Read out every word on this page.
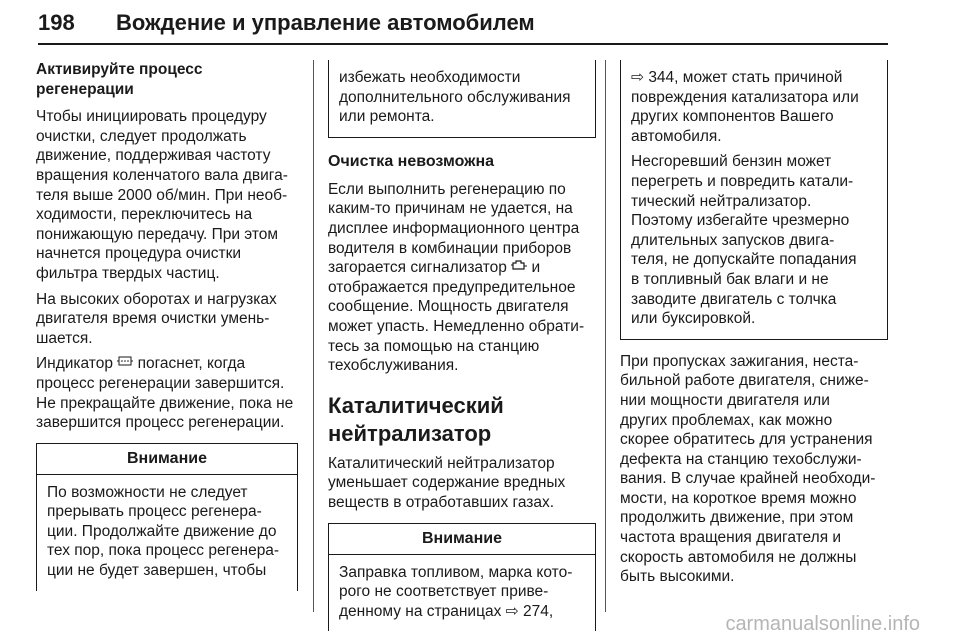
198 Вождение и управление автомобилем
Активируйте процесс
регенерации
Чтобы инициировать процедуру
очистки, следует продолжать
движение, поддерживая частоту
вращения коленчатого вала двига-
теля выше 2000 об/мин. При необ-
ходимости, переключитесь на
понижающую передачу. При этом
начнется процедура очистки
фильтра твердых частиц.
На высоких оборотах и нагрузках
двигателя время очистки умень-
шается.
Индикатор погаснет, когда
процесс регенерации завершится.
Не прекращайте движение, пока не
завершится процесс регенерации.
Внимание
По возможности не следует
прерывать процесс регенера-
ции. Продолжайте движение до
тех пор, пока процесс регенера-
ции не будет завершен, чтобы
избежать необходимости
дополнительного обслуживания
или ремонта.
Очистка невозможна
Если выполнить регенерацию по
каким-то причинам не удается, на
дисплее информационного центра
водителя в комбинации приборов
загорается сигнализатор и
отображается предупредительное
сообщение. Мощность двигателя
может упасть. Немедленно обрати-
тесь за помощью на станцию
техобслуживания.
Каталитический
нейтрализатор
Каталитический нейтрализатор
уменьшает содержание вредных
веществ в отработавших газах.
Внимание
Заправка топливом, марка кото-
рого не соответствует приве-
денному на страницах ⇨ 274,
⇨ 344, может стать причиной
повреждения катализатора или
других компонентов Вашего
автомобиля.
Несгоревший бензин может
перегреть и повредить катали-
тический нейтрализатор.
Поэтому избегайте чрезмерно
длительных запусков двига-
теля, не допускайте попадания
в топливный бак влаги и не
заводите двигатель с толчка
или буксировкой.
При пропусках зажигания, неста-
бильной работе двигателя, сниже-
нии мощности двигателя или
других проблемах, как можно
скорее обратитесь для устранения
дефекта на станцию техобслужи-
вания. В случае крайней необходи-
мости, на короткое время можно
продолжить движение, при этом
частота вращения двигателя и
скорость автомобиля не должны
быть высокими.
carmanualsonline.info
